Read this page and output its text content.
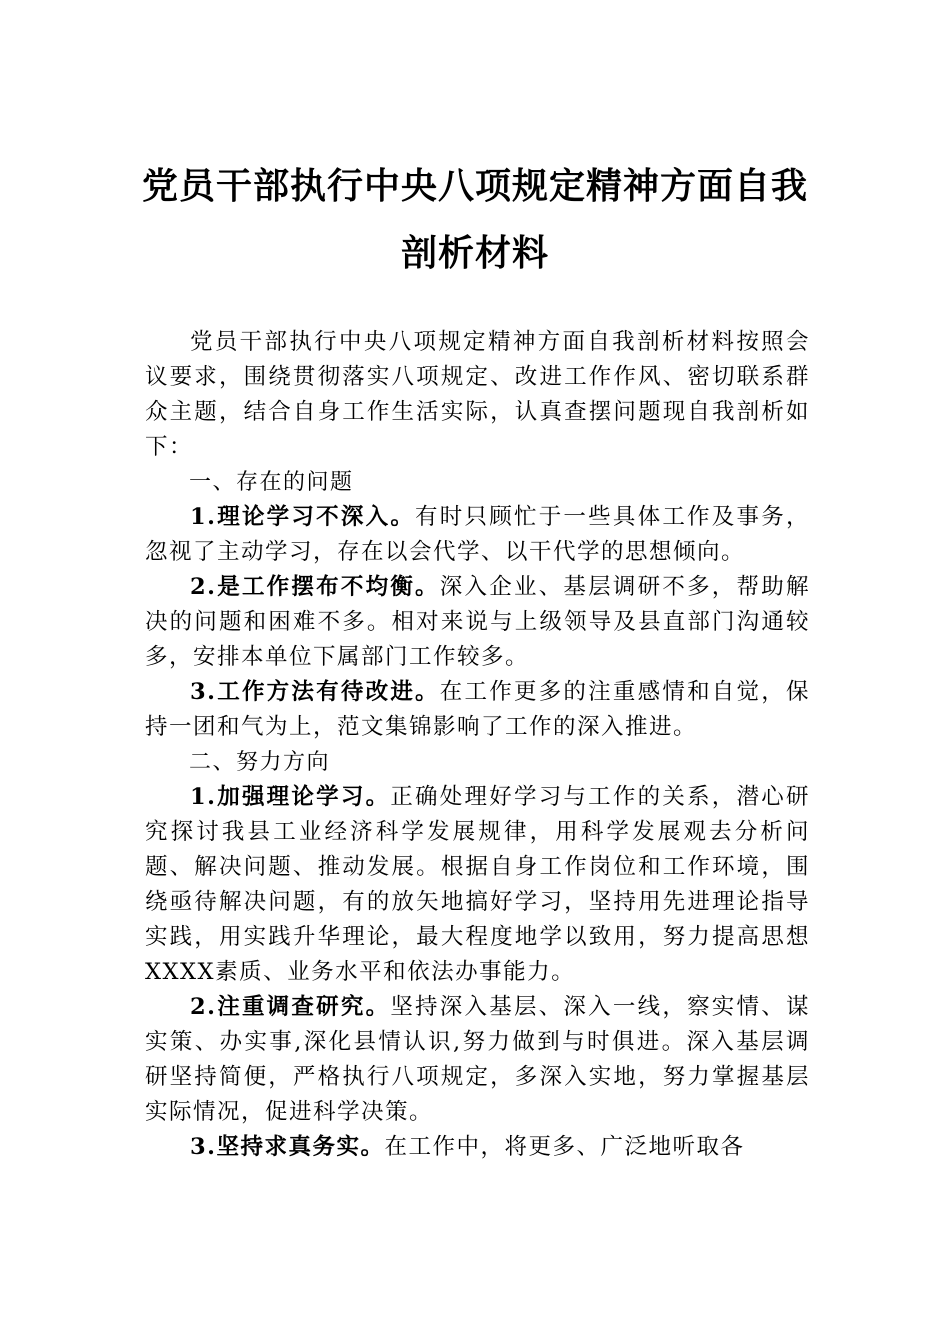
党员干部执行中央八项规定精神方面自我
剖析材料

党员干部执行中央八项规定精神方面自我剖析材料按照会议要求，围绕贯彻落实八项规定、改进工作作风、密切联系群众主题，结合自身工作生活实际，认真查摆问题现自我剖析如下：

一、存在的问题

1.理论学习不深入。有时只顾忙于一些具体工作及事务，忽视了主动学习，存在以会代学、以干代学的思想倾向。

2.是工作摆布不均衡。深入企业、基层调研不多，帮助解决的问题和困难不多。相对来说与上级领导及县直部门沟通较多，安排本单位下属部门工作较多。

3.工作方法有待改进。在工作更多的注重感情和自觉，保持一团和气为上，范文集锦影响了工作的深入推进。

二、努力方向

1.加强理论学习。正确处理好学习与工作的关系，潜心研究探讨我县工业经济科学发展规律，用科学发展观去分析问题、解决问题、推动发展。根据自身工作岗位和工作环境，围绕亟待解决问题，有的放矢地搞好学习，坚持用先进理论指导实践，用实践升华理论，最大程度地学以致用，努力提高思想XXXX素质、业务水平和依法办事能力。

2.注重调查研究。坚持深入基层、深入一线，察实情、谋实策、办实事,深化县情认识,努力做到与时俱进。深入基层调研坚持简便，严格执行八项规定，多深入实地，努力掌握基层实际情况，促进科学决策。

3.坚持求真务实。在工作中，将更多、广泛地听取各
